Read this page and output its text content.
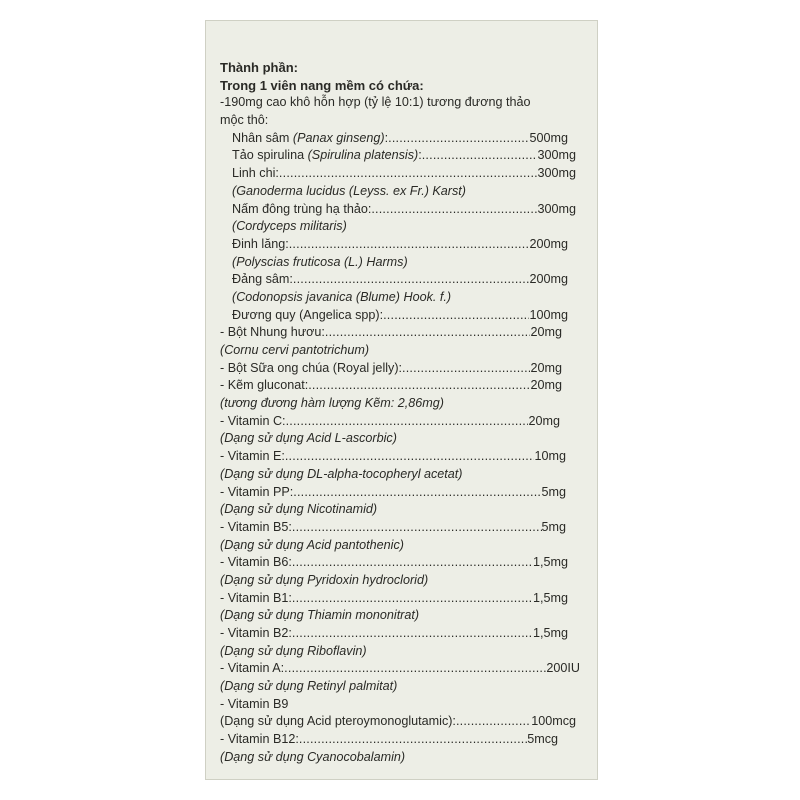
Thành phần:
Trong 1 viên nang mềm có chứa:
-190mg cao khô hỗn hợp (tỷ lệ 10:1) tương đương thảo
mộc thô:
Nhân sâm (Panax ginseng): .....	500mg
Tảo spirulina (Spirulina platensis): .....	300mg
Linh chi: .....	300mg
(Ganoderma lucidus (Leyss. ex Fr.) Karst)
Nấm đông trùng hạ thảo: .....	300mg
(Cordyceps militaris)
Đinh lăng: .....	200mg
(Polyscias fruticosa (L.) Harms)
Đảng sâm: .....	200mg
(Codonopsis javanica (Blume) Hook. f.)
Đương quy (Angelica spp): .....	100mg
- Bột Nhung hươu: .....	20mg
(Cornu cervi pantotrichum)
- Bột Sữa ong chúa (Royal jelly): .....	20mg
- Kẽm gluconat: .....	20mg
(tương đương hàm lượng Kẽm: 2,86mg)
- Vitamin C: .....	20mg
(Dạng sử dụng Acid L-ascorbic)
- Vitamin E: .....	10mg
(Dạng sử dụng DL-alpha-tocopheryl acetat)
- Vitamin PP: .....	5mg
(Dạng sử dụng Nicotinamid)
- Vitamin B5: .....	5mg
(Dạng sử dụng Acid pantothenic)
- Vitamin B6: .....	1,5mg
(Dạng sử dụng Pyridoxin hydroclorid)
- Vitamin B1: .....	1,5mg
(Dạng sử dụng Thiamin mononitrat)
- Vitamin B2: .....	1,5mg
(Dạng sử dụng Riboflavin)
- Vitamin A: .....	200IU
(Dạng sử dụng Retinyl palmitat)
- Vitamin B9
(Dạng sử dụng Acid pteroymonoglutamic): .....	100mcg
- Vitamin B12: .....	5mcg
(Dạng sử dụng Cyanocobalamin)
